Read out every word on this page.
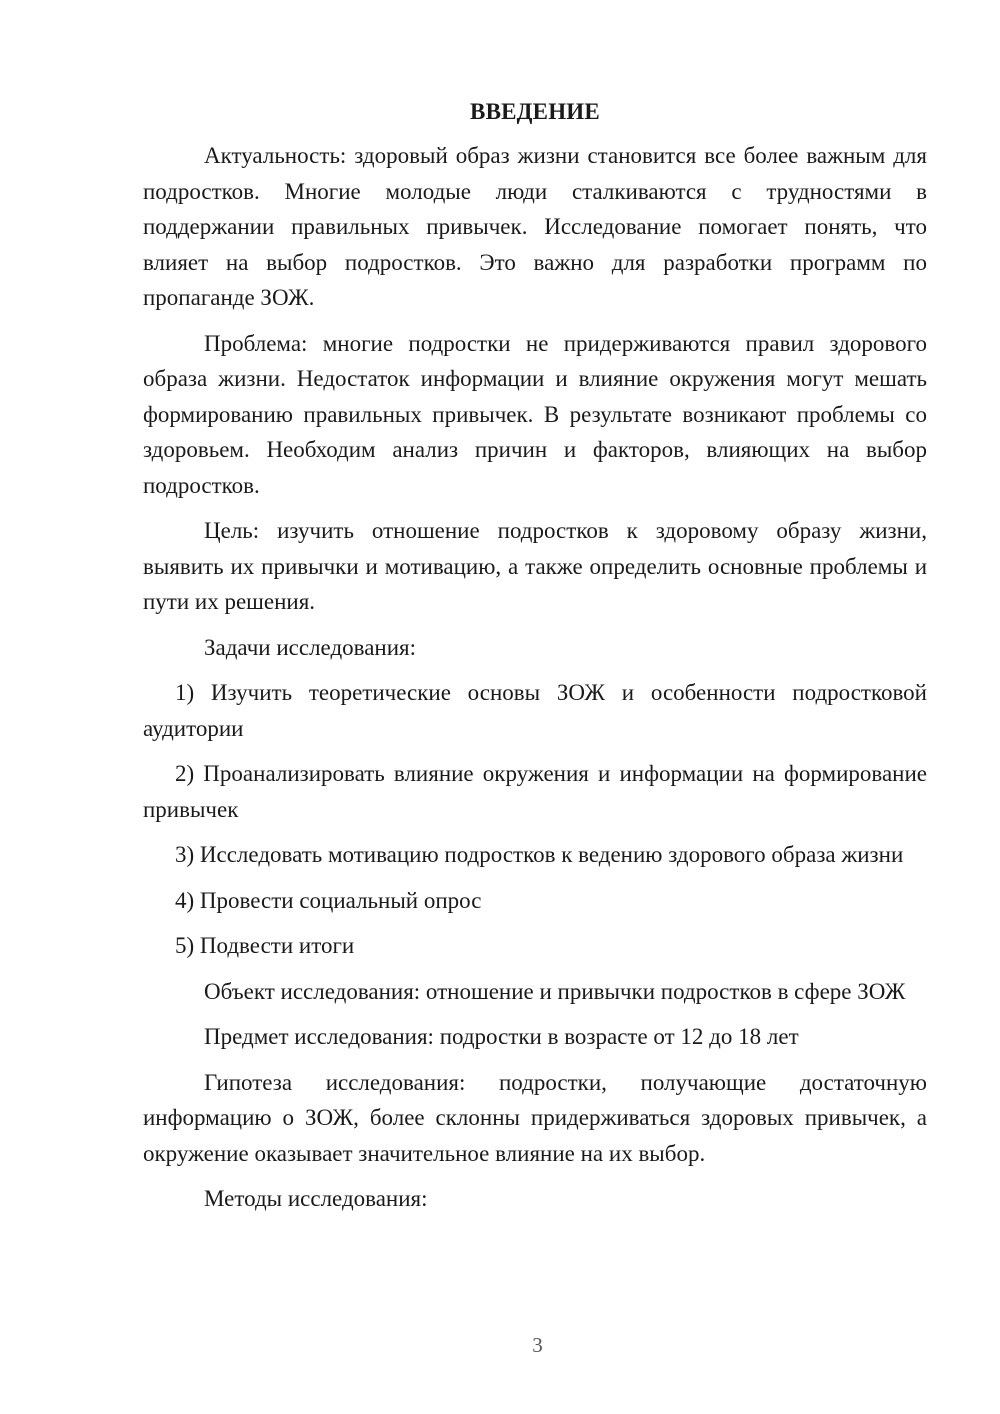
ВВЕДЕНИЕ

Актуальность: здоровый образ жизни становится все более важным для подростков. Многие молодые люди сталкиваются с трудностями в поддержании правильных привычек. Исследование помогает понять, что влияет на выбор подростков. Это важно для разработки программ по пропаганде ЗОЖ.

Проблема: многие подростки не придерживаются правил здорового образа жизни. Недостаток информации и влияние окружения могут мешать формированию правильных привычек. В результате возникают проблемы со здоровьем. Необходим анализ причин и факторов, влияющих на выбор подростков.

Цель: изучить отношение подростков к здоровому образу жизни, выявить их привычки и мотивацию, а также определить основные проблемы и пути их решения.

Задачи исследования:

1) Изучить теоретические основы ЗОЖ и особенности подростковой аудитории

2) Проанализировать влияние окружения и информации на формирование привычек

3) Исследовать мотивацию подростков к ведению здорового образа жизни

4) Провести социальный опрос

5) Подвести итоги

Объект исследования: отношение и привычки подростков в сфере ЗОЖ

Предмет исследования: подростки в возрасте от 12 до 18 лет

Гипотеза исследования: подростки, получающие достаточную информацию о ЗОЖ, более склонны придерживаться здоровых привычек, а окружение оказывает значительное влияние на их выбор.

Методы исследования:

3
